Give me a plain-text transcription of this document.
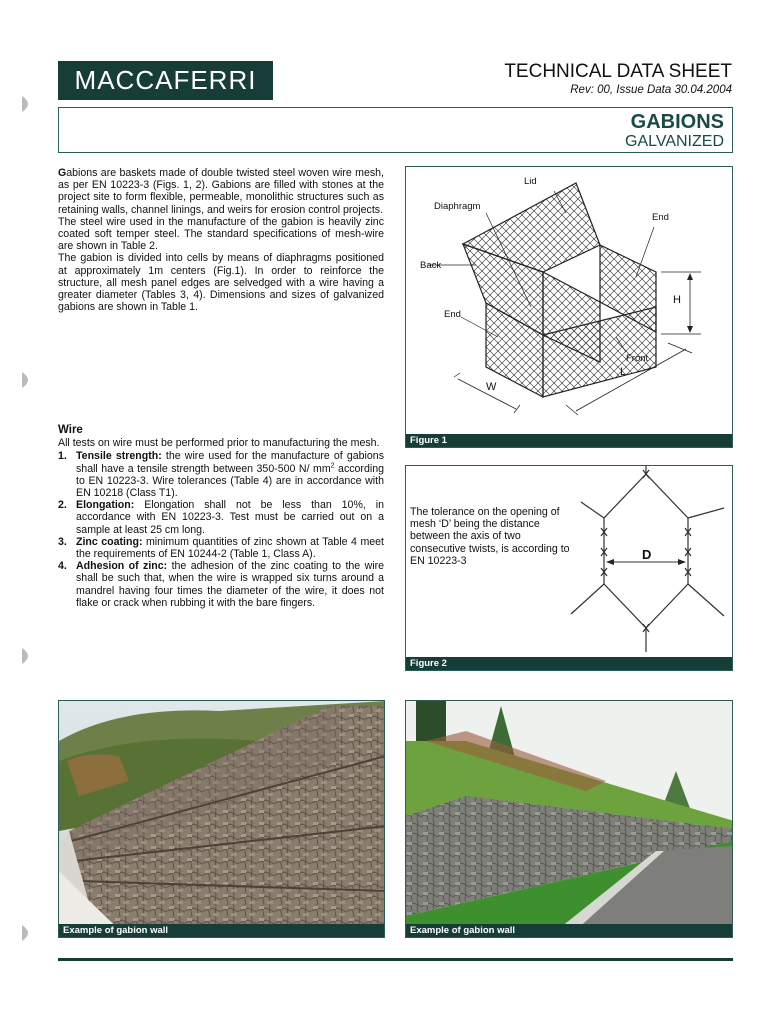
MACCAFERRI	TECHNICAL DATA SHEET
Rev: 00, Issue Data 30.04.2004
GABIONS
GALVANIZED

Gabions are baskets made of double twisted steel woven wire mesh, as per EN 10223-3 (Figs. 1, 2). Gabions are filled with stones at the project site to form flexible, permeable, monolithic structures such as retaining walls, channel linings, and weirs for erosion control projects.

The steel wire used in the manufacture of the gabion is heavily zinc coated soft temper steel. The standard specifications of mesh-wire are shown in Table 2.

The gabion is divided into cells by means of diaphragms positioned at approximately 1m centers (Fig.1). In order to reinforce the structure, all mesh panel edges are selvedged with a wire having a greater diameter (Tables 3, 4). Dimensions and sizes of galvanized gabions are shown in Table 1.

Wire

All tests on wire must be performed prior to manufacturing the mesh.

1. Tensile strength: the wire used for the manufacture of gabions shall have a tensile strength between 350-500 N/ $mm^2$ according to EN 10223-3. Wire tolerances (Table 4) are in accordance with EN 10218 (Class T1).
2. Elongation: Elongation shall not be less than 10%, in accordance with EN 10223-3. Test must be carried out on a sample at least 25 cm long.
3. Zinc coating: minimum quantities of zinc shown at Table 4 meet the requirements of EN 10244-2 (Table 1, Class A).
4. Adhesion of zinc: the adhesion of the zinc coating to the wire shall be such that, when the wire is wrapped six turns around a mandrel having four times the diameter of the wire, it does not flake or crack when rubbing it with the bare fingers.
Lid
Diaphragm
End
Back
End
H
Front
L
W
Figure 1
The tolerance on the opening of mesh ‘D’ being the distance between the axis of two consecutive twists, is according to EN 10223-3	D
Figure 2
Example of gabion wall	Example of gabion wall
